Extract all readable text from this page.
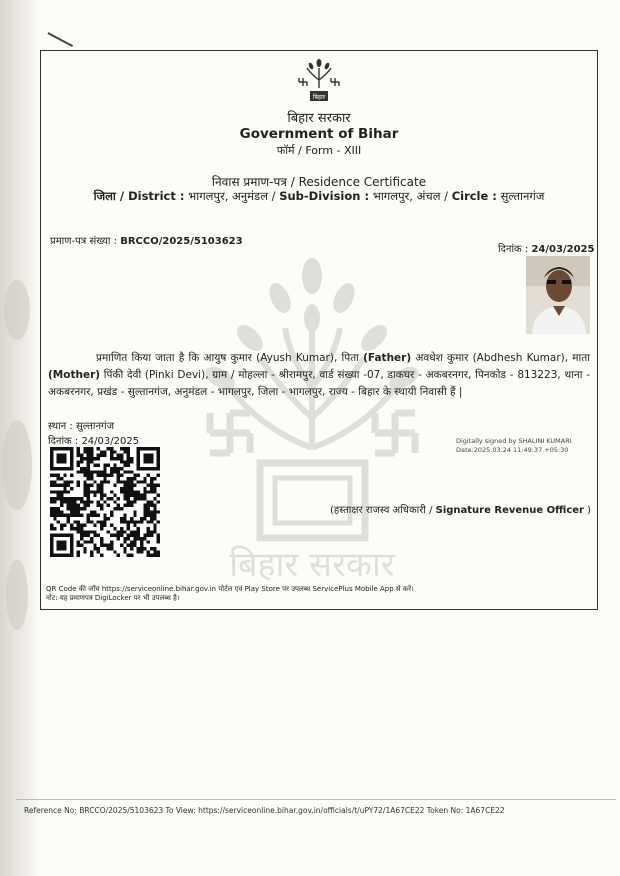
बिहार सरकार
बिहार
बिहार सरकार
Government of Bihar
फॉर्म / Form - XIII
निवास प्रमाण-पत्र / Residence Certificate
जिला / District : भागलपुर, अनुमंडल / Sub-Division : भागलपुर, अंचल / Circle : सुल्तानगंज
प्रमाण-पत्र संख्या : BRCCO/2025/5103623
दिनांक : 24/03/2025
प्रमाणित किया जाता है कि आयुष कुमार (Ayush Kumar), पिता (Father) अवधेश कुमार (Abdhesh Kumar), माता (Mother) पिंकी देवी (Pinki Devi), ग्राम / मोहल्ला - श्रीरामपुर, वार्ड संख्या -07, डाकघर - अकबरनगर, पिनकोड - 813223, थाना - अकबरनगर, प्रखंड - सुल्तानगंज, अनुमंडल - भागलपुर, जिला - भागलपुर, राज्य - बिहार के स्थायी निवासी हैं |
स्थान : सुल्तानगंज
दिनांक : 24/03/2025	Digitally signed by SHALINI KUMARI
Date:2025.03.24 11:49:37 +05:30
(हस्ताक्षर राजस्व अधिकारी / Signature Revenue Officer )
QR Code की जाँच https://serviceonline.bihar.gov.in पोर्टल एवं Play Store पर उपलब्ध ServicePlus Mobile App से करें।
नोट: यह प्रमाणपत्र DigiLocker पर भी उपलब्ध है।
Reference No: BRCCO/2025/5103623 To View: https://serviceonline.bihar.gov.in/officials/t/uPY72/1A67CE22 Token No: 1A67CE22
